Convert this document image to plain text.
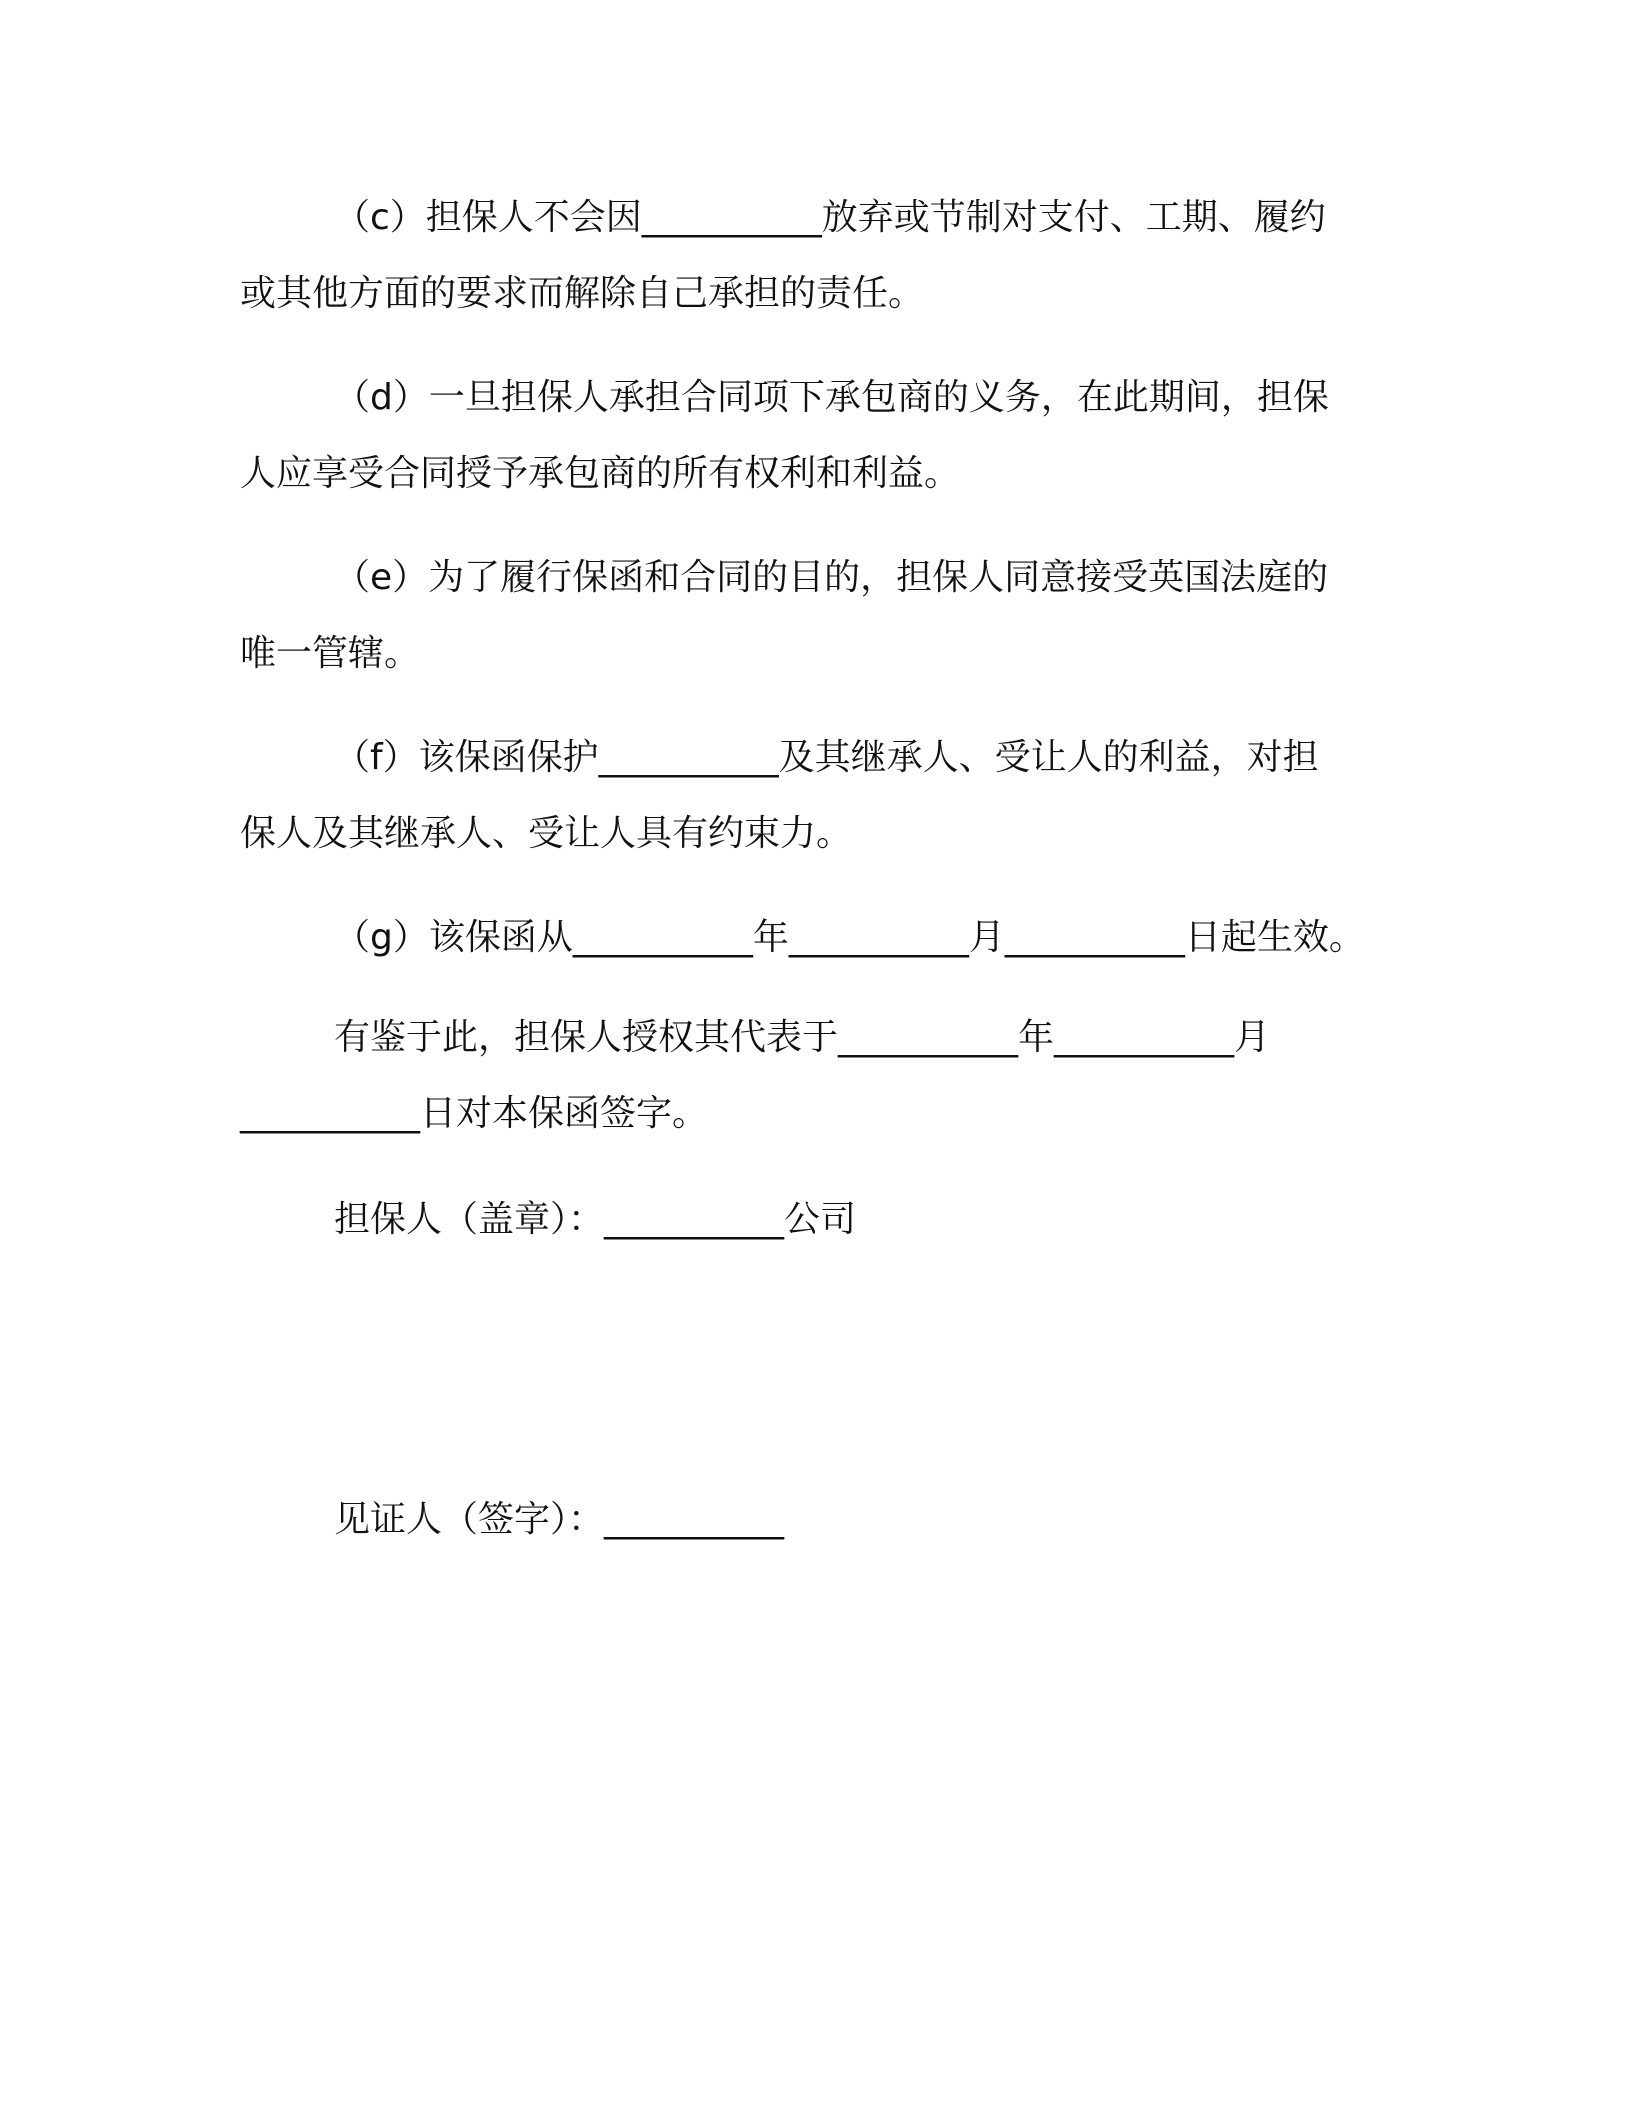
（c）担保人不会因__________放弃或节制对支付、工期、履约
或其他方面的要求而解除自己承担的责任。

（d）一旦担保人承担合同项下承包商的义务，在此期间，担保
人应享受合同授予承包商的所有权利和利益。

（e）为了履行保函和合同的目的，担保人同意接受英国法庭的
唯一管辖。

（f）该保函保护__________及其继承人、受让人的利益，对担
保人及其继承人、受让人具有约束力。

（g）该保函从__________年__________月__________日起生效。

有鉴于此，担保人授权其代表于__________年__________月
__________日对本保函签字。

担保人（盖章）：__________公司

见证人（签字）：__________
